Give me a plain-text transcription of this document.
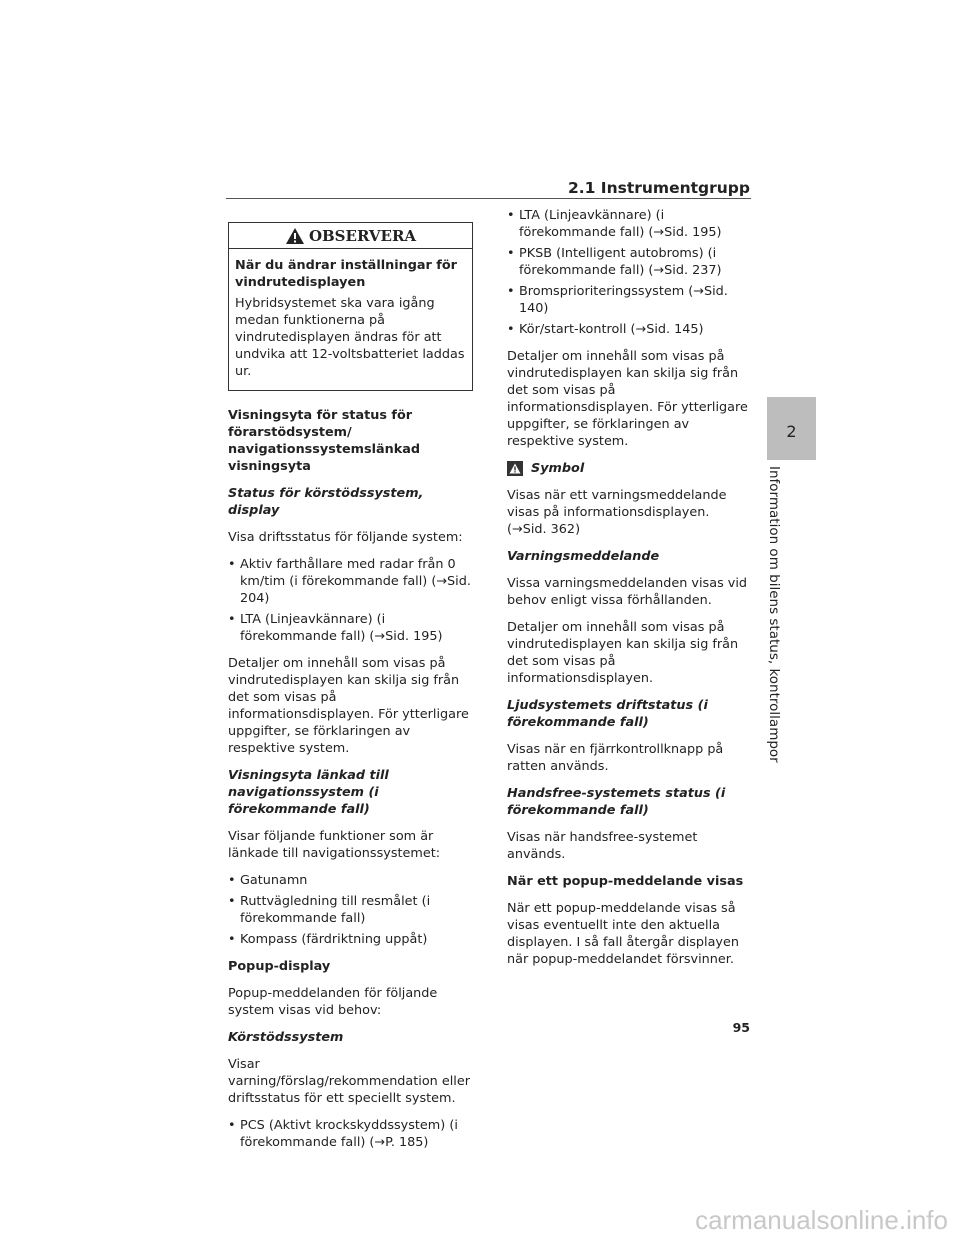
2.1 Instrumentgrupp
OBSERVERA

När du ändrar inställningar för vindrutedisplayen

Hybridsystemet ska vara igång medan funktionerna på vindrutedisplayen ändras för att undvika att 12-voltsbatteriet laddas ur.

Visningsyta för status för förarstödsystem/ navigationssystemslänkad visningsyta

Status för körstödssystem, display

Visa driftsstatus för följande system:

• Aktiv farthållare med radar från 0 km/tim (i förekommande fall) (→Sid. 204)

• LTA (Linjeavkännare) (i förekommande fall) (→Sid. 195)

Detaljer om innehåll som visas på vindrutedisplayen kan skilja sig från det som visas på informationsdisplayen. För ytterligare uppgifter, se förklaringen av respektive system.

Visningsyta länkad till navigationssystem (i förekommande fall)

Visar följande funktioner som är länkade till navigationssystemet:

• Gatunamn

• Ruttvägledning till resmålet (i förekommande fall)

• Kompass (färdriktning uppåt)

Popup-display

Popup-meddelanden för följande system visas vid behov:

Körstödssystem

Visar varning/förslag/rekommendation eller driftsstatus för ett speciellt system.

• PCS (Aktivt krockskyddssystem) (i förekommande fall) (→P. 185)

• LTA (Linjeavkännare) (i förekommande fall) (→Sid. 195)

• PKSB (Intelligent autobroms) (i förekommande fall) (→Sid. 237)

• Bromsprioriteringssystem (→Sid. 140)

• Kör/start-kontroll (→Sid. 145)

Detaljer om innehåll som visas på vindrutedisplayen kan skilja sig från det som visas på informationsdisplayen. För ytterligare uppgifter, se förklaringen av respektive system.

Symbol

Visas när ett varningsmeddelande visas på informationsdisplayen. (→Sid. 362)

Varningsmeddelande

Vissa varningsmeddelanden visas vid behov enligt vissa förhållanden.

Detaljer om innehåll som visas på vindrutedisplayen kan skilja sig från det som visas på informationsdisplayen.

Ljudsystemets driftstatus (i förekommande fall)

Visas när en fjärrkontrollknapp på ratten används.

Handsfree-systemets status (i förekommande fall)

Visas när handsfree-systemet används.

När ett popup-meddelande visas

När ett popup-meddelande visas så visas eventuellt inte den aktuella displayen. I så fall återgår displayen när popup-meddelandet försvinner.

2
Information om bilens status, kontrollampor
95
carmanualsonline.info
